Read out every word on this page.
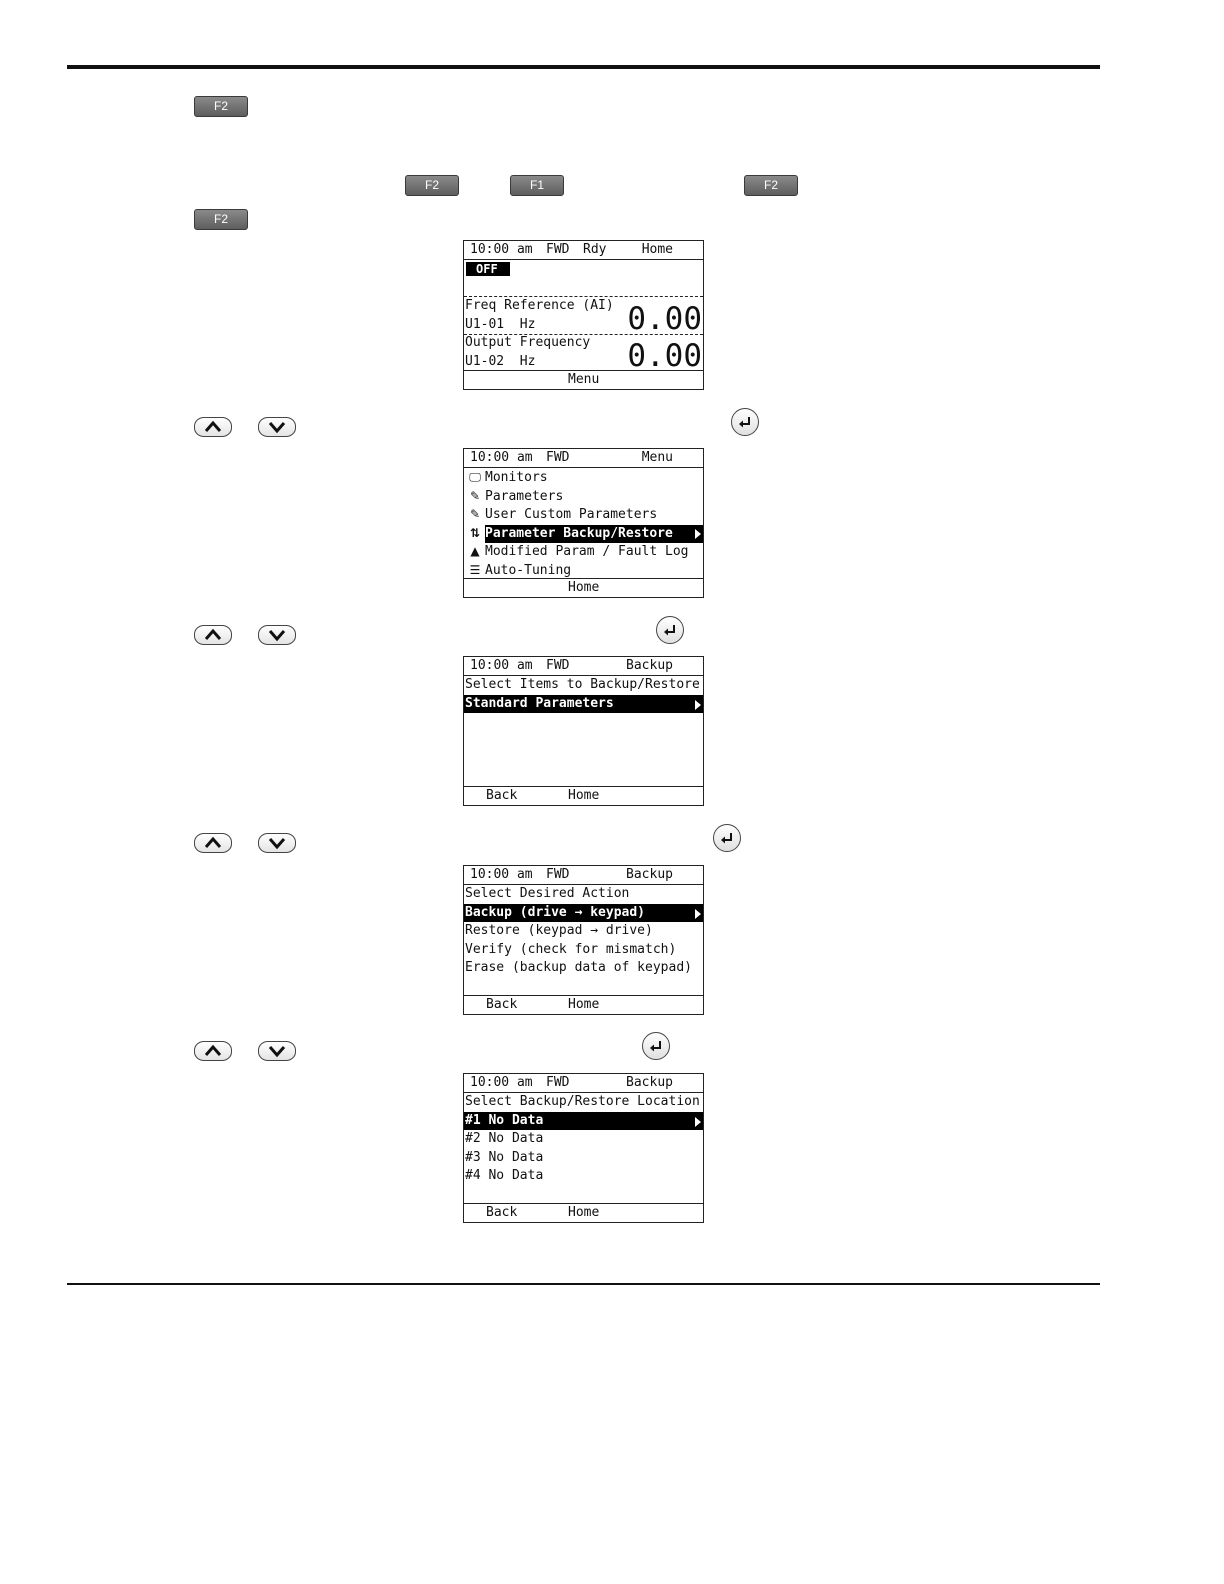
F2
F2	F1	F2
F2

10:00 am

FWD

Rdy

	Home

OFF
Freq Reference (AI)
U1-01  Hz	0.00
Output Frequency
U1-02  Hz	0.00
Menu

10:00 am

FWD

	Menu

🖵 Monitors
✎ Parameters
✎ User Custom Parameters
⇅ Parameter Backup/Restore
▲ Modified Param / Fault Log
☰ Auto-Tuning
Home

10:00 am

FWD

	Backup

Select Items to Backup/Restore
Standard Parameters
Back	Home

10:00 am

FWD

	Backup

Select Desired Action
Backup (drive → keypad)
Restore (keypad → drive)
Verify (check for mismatch)
Erase (backup data of keypad)
Back	Home

10:00 am

FWD

	Backup

Select Backup/Restore Location
#1 No Data
#2 No Data
#3 No Data
#4 No Data
Back	Home
